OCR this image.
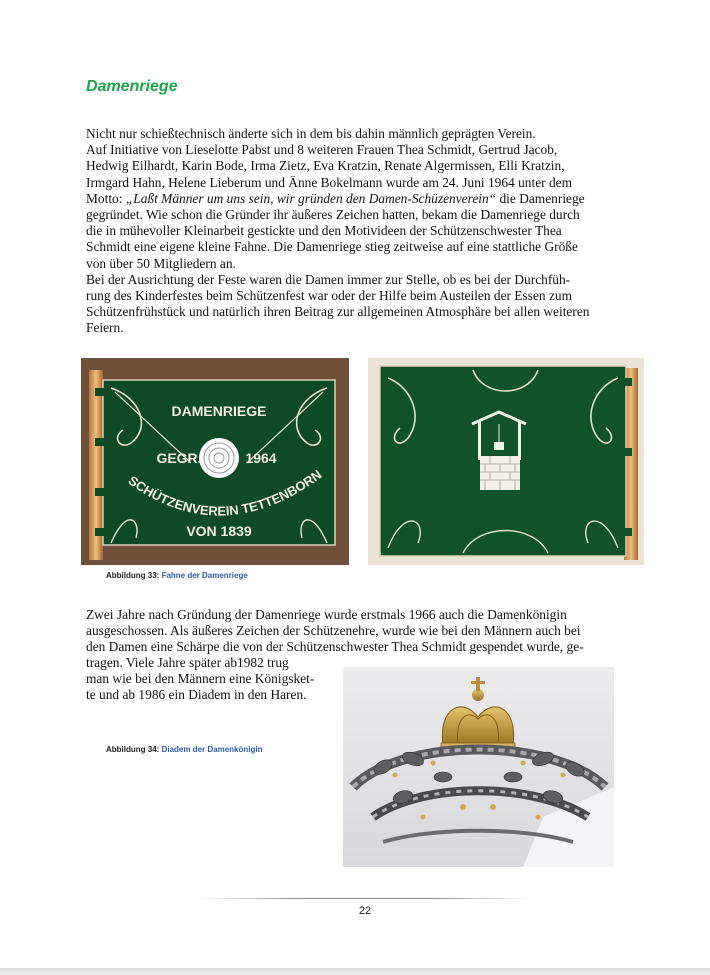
Damenriege
Nicht nur schießtechnisch änderte sich in dem bis dahin männlich geprägten Verein.
Auf Initiative von Lieselotte Pabst und 8 weiteren Frauen Thea Schmidt, Gertrud Jacob,
Hedwig Eilhardt, Karin Bode, Irma Zietz, Eva Kratzin, Renate Algermissen, Elli Kratzin,
Irmgard Hahn, Helene Lieberum und Änne Bokelmann wurde am 24. Juni 1964 unter dem
Motto: „Laßt Männer um uns sein, wir gründen den Damen-Schüzenverein“ die Damenriege
gegründet. Wie schon die Gründer ihr äußeres Zeichen hatten, bekam die Damenriege durch
die in mühevoller Kleinarbeit gestickte und den Motivideen der Schützenschwester Thea
Schmidt eine eigene kleine Fahne. Die Damenriege stieg zeitweise auf eine stattliche Größe
von über 50 Mitgliedern an.
Bei der Ausrichtung der Feste waren die Damen immer zur Stelle, ob es bei der Durchfüh-
rung des Kinderfestes beim Schützenfest war oder der Hilfe beim Austeilen der Essen zum
Schützenfrühstück und natürlich ihren Beitrag zur allgemeinen Atmosphäre bei allen weiteren
Feiern.
DAMENRIEGE
GEGR.	1964
SCHÜTZENVEREIN TETTENBORN
VON 1839
Abbildung 33: Fahne der Damenriege
Zwei Jahre nach Gründung der Damenriege wurde erstmals 1966 auch die Damenkönigin
ausgeschossen. Als äußeres Zeichen der Schützenehre, wurde wie bei den Männern auch bei
den Damen eine Schärpe die von der Schützenschwester Thea Schmidt gespendet wurde, ge-
tragen. Viele Jahre später ab1982 trug
man wie bei den Männern eine Königsket-
te und ab 1986 ein Diadem in den Haren.
Abbildung 34: Diadem der Damenkönigin
22
